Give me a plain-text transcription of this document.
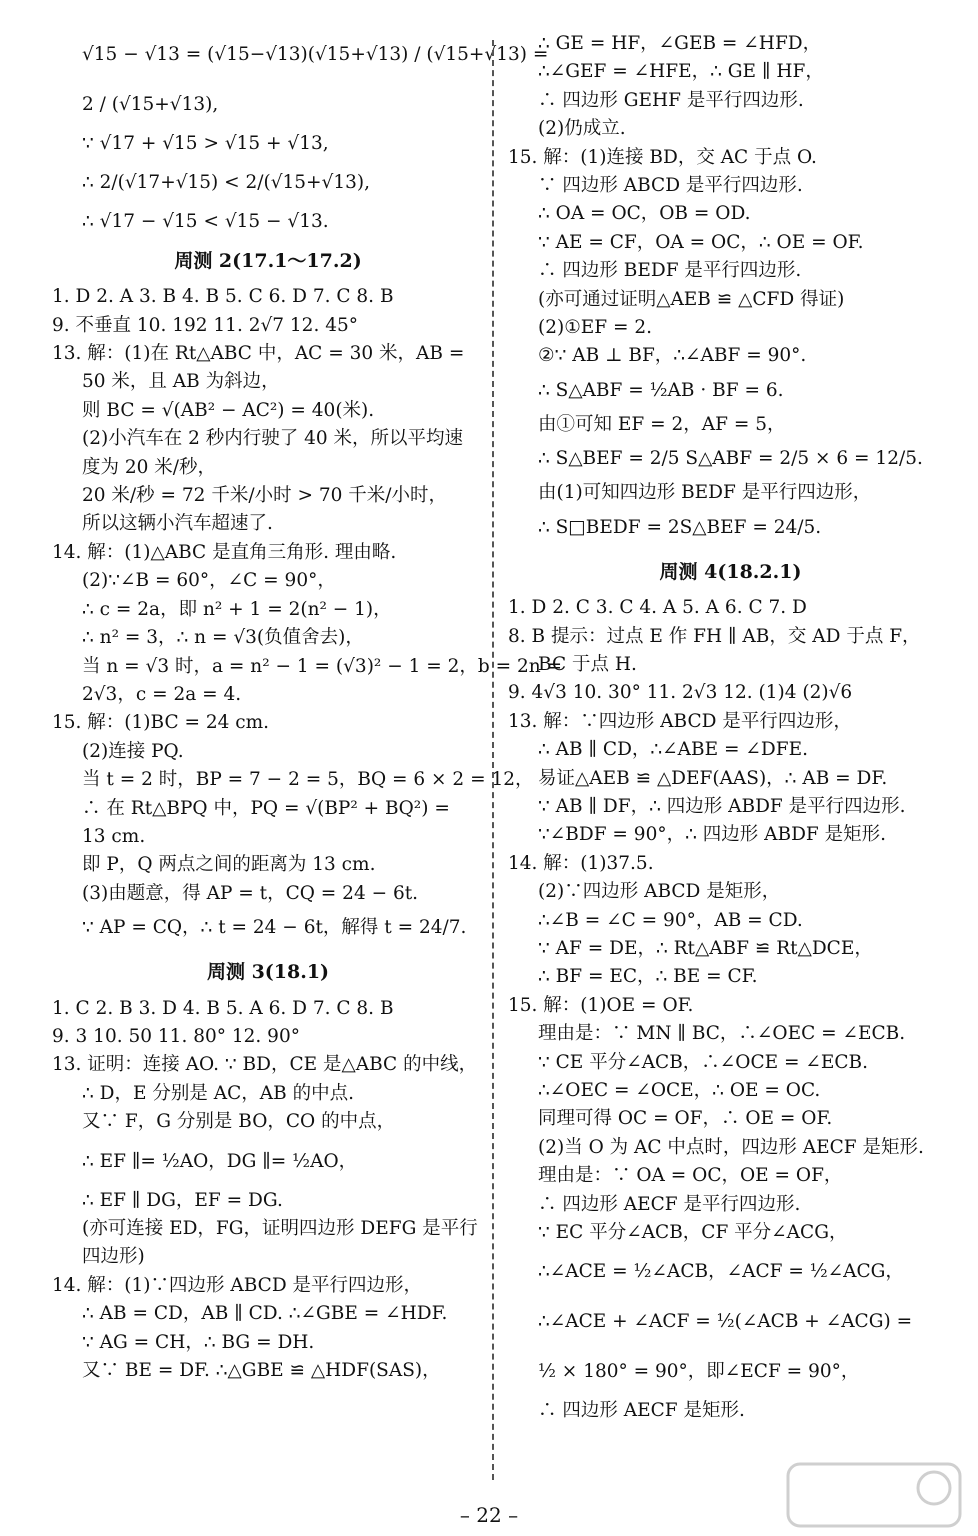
√15 − √13 = (√15−√13)(√15+√13) / (√15+√13) =
2 / (√15+√13),
∵ √17 + √15 > √15 + √13,
∴ 2/(√17+√15) < 2/(√15+√13),
∴ √17 − √15 < √15 − √13.
周测 2(17.1～17.2)
1. D 2. A 3. B 4. B 5. C 6. D 7. C 8. B
9. 不垂直 10. 192 11. 2√7 12. 45°
13. 解：(1)在 Rt△ABC 中，AC = 30 米，AB =
50 米，且 AB 为斜边，
则 BC = √(AB² − AC²) = 40(米).
(2)小汽车在 2 秒内行驶了 40 米，所以平均速
度为 20 米/秒，
20 米/秒 = 72 千米/小时 > 70 千米/小时，
所以这辆小汽车超速了.
14. 解：(1)△ABC 是直角三角形. 理由略.
(2)∵∠B = 60°，∠C = 90°，
∴ c = 2a，即 n² + 1 = 2(n² − 1)，
∴ n² = 3，∴ n = √3(负值舍去)，
当 n = √3 时，a = n² − 1 = (√3)² − 1 = 2，b = 2n =
2√3，c = 2a = 4.
15. 解：(1)BC = 24 cm.
(2)连接 PQ.
当 t = 2 时，BP = 7 − 2 = 5，BQ = 6 × 2 = 12，
∴ 在 Rt△BPQ 中，PQ = √(BP² + BQ²) =
13 cm.
即 P，Q 两点之间的距离为 13 cm.
(3)由题意，得 AP = t，CQ = 24 − 6t.
∵ AP = CQ，∴ t = 24 − 6t，解得 t = 24/7.
周测 3(18.1)
1. C 2. B 3. D 4. B 5. A 6. D 7. C 8. B
9. 3 10. 50 11. 80° 12. 90°
13. 证明：连接 AO. ∵ BD，CE 是△ABC 的中线，
∴ D，E 分别是 AC，AB 的中点.
又∵ F，G 分别是 BO，CO 的中点，
∴ EF ∥= ½AO，DG ∥= ½AO，
∴ EF ∥ DG，EF = DG.
(亦可连接 ED，FG，证明四边形 DEFG 是平行
四边形)
14. 解：(1)∵四边形 ABCD 是平行四边形，
∴ AB = CD，AB ∥ CD. ∴∠GBE = ∠HDF.
∵ AG = CH，∴ BG = DH.
又∵ BE = DF. ∴△GBE ≌ △HDF(SAS)，
∴ GE = HF，∠GEB = ∠HFD，
∴∠GEF = ∠HFE，∴ GE ∥ HF，
∴ 四边形 GEHF 是平行四边形.
(2)仍成立.
15. 解：(1)连接 BD，交 AC 于点 O.
∵ 四边形 ABCD 是平行四边形.
∴ OA = OC，OB = OD.
∵ AE = CF，OA = OC，∴ OE = OF.
∴ 四边形 BEDF 是平行四边形.
(亦可通过证明△AEB ≌ △CFD 得证)
(2)①EF = 2.
②∵ AB ⊥ BF，∴∠ABF = 90°.
∴ S△ABF = ½AB · BF = 6.
由①可知 EF = 2，AF = 5，
∴ S△BEF = 2/5 S△ABF = 2/5 × 6 = 12/5.
由(1)可知四边形 BEDF 是平行四边形，
∴ S□BEDF = 2S△BEF = 24/5.
周测 4(18.2.1)
1. D 2. C 3. C 4. A 5. A 6. C 7. D
8. B 提示：过点 E 作 FH ∥ AB，交 AD 于点 F，
BC 于点 H.
9. 4√3 10. 30° 11. 2√3 12. (1)4 (2)√6
13. 解：∵四边形 ABCD 是平行四边形，
∴ AB ∥ CD，∴∠ABE = ∠DFE.
易证△AEB ≌ △DEF(AAS)，∴ AB = DF.
∵ AB ∥ DF，∴ 四边形 ABDF 是平行四边形.
∵∠BDF = 90°，∴ 四边形 ABDF 是矩形.
14. 解：(1)37.5.
(2)∵四边形 ABCD 是矩形，
∴∠B = ∠C = 90°，AB = CD.
∵ AF = DE，∴ Rt△ABF ≌ Rt△DCE，
∴ BF = EC，∴ BE = CF.
15. 解：(1)OE = OF.
理由是：∵ MN ∥ BC，∴∠OEC = ∠ECB.
∵ CE 平分∠ACB，∴∠OCE = ∠ECB.
∴∠OEC = ∠OCE，∴ OE = OC.
同理可得 OC = OF，∴ OE = OF.
(2)当 O 为 AC 中点时，四边形 AECF 是矩形.
理由是：∵ OA = OC，OE = OF，
∴ 四边形 AECF 是平行四边形.
∵ EC 平分∠ACB，CF 平分∠ACG，
∴∠ACE = ½∠ACB，∠ACF = ½∠ACG，
∴∠ACE + ∠ACF = ½(∠ACB + ∠ACG) =
½ × 180° = 90°，即∠ECF = 90°，
∴ 四边形 AECF 是矩形.
– 22 –
